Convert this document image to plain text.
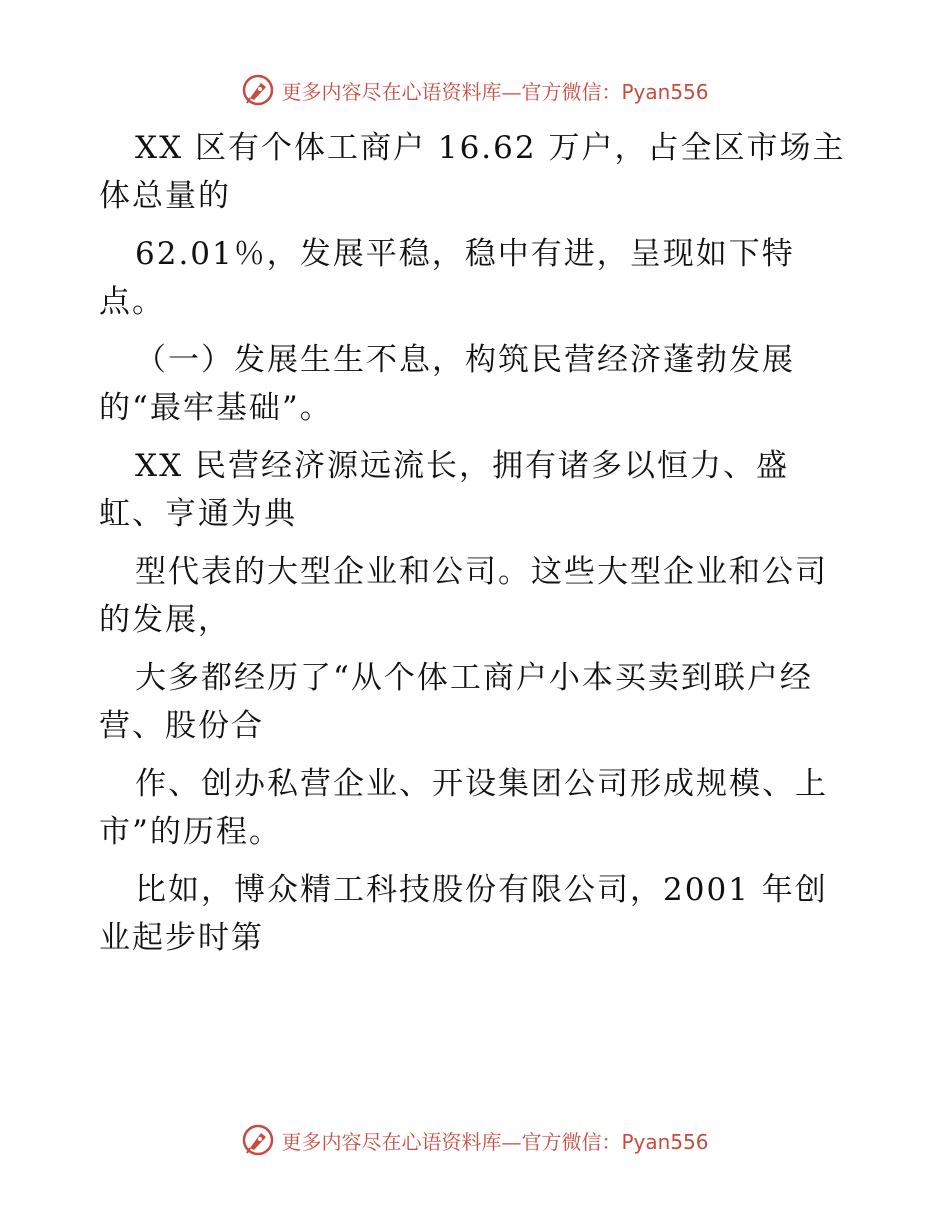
更多内容尽在心语资料库—官方微信：Pyan556
XX 区有个体工商户 16.62 万户，占全区市场主
体总量的
62.01％，发展平稳，稳中有进，呈现如下特
点。
（一）发展生生不息，构筑民营经济蓬勃发展
的“最牢基础”。
XX 民营经济源远流长，拥有诸多以恒力、盛
虹、亨通为典
型代表的大型企业和公司。这些大型企业和公司
的发展，
大多都经历了“从个体工商户小本买卖到联户经
营、股份合
作、创办私营企业、开设集团公司形成规模、上
市”的历程。
比如，博众精工科技股份有限公司，2001 年创
业起步时第
更多内容尽在心语资料库—官方微信：Pyan556
